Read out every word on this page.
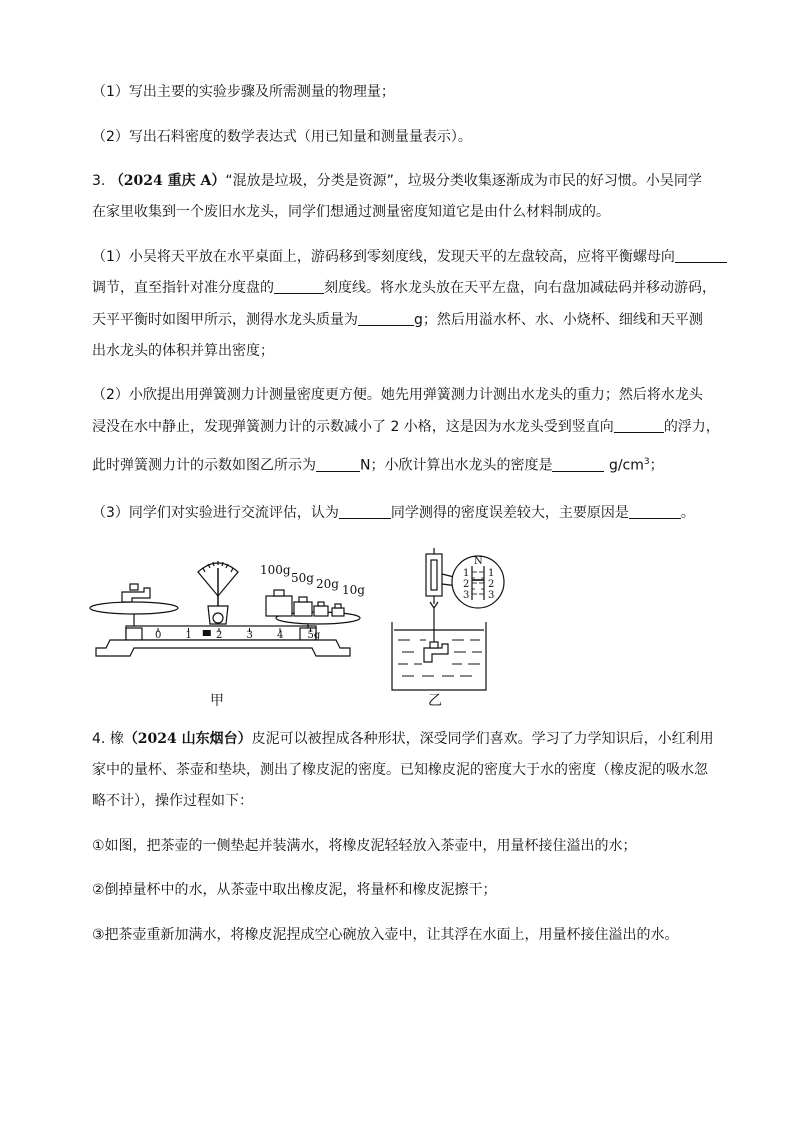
（1）写出主要的实验步骤及所需测量的物理量；
（2）写出石料密度的数学表达式（用已知量和测量量表示）。
3. （2024 重庆 A）“混放是垃圾，分类是资源”，垃圾分类收集逐渐成为市民的好习惯。小吴同学
在家里收集到一个废旧水龙头，同学们想通过测量密度知道它是由什么材料制成的。
（1）小吴将天平放在水平桌面上，游码移到零刻度线，发现天平的左盘较高，应将平衡螺母向
调节，直至指针对准分度盘的	刻度线。将水龙头放在天平左盘，向右盘加减砝码并移动游码，
天平平衡时如图甲所示，测得水龙头质量为	g；然后用溢水杯、水、小烧杯、细线和天平测
出水龙头的体积并算出密度；
（2）小欣提出用弹簧测力计测量密度更方便。她先用弹簧测力计测出水龙头的重力；然后将水龙头
浸没在水中静止，发现弹簧测力计的示数减小了 2 小格，这是因为水龙头受到竖直向	的浮力，
此时弹簧测力计的示数如图乙所示为	N；小欣计算出水龙头的密度是	$g/cm^3$；
（3）同学们对实验进行交流评估，认为	同学测得的密度误差较大，主要原因是	。
100g
50g 20g 10g
0 1 2 3 4 5g
N
1
2
3
1
2
3
甲	乙
4. 橡（2024 山东烟台）皮泥可以被捏成各种形状，深受同学们喜欢。学习了力学知识后，小红利用
家中的量杯、茶壶和垫块，测出了橡皮泥的密度。已知橡皮泥的密度大于水的密度（橡皮泥的吸水忽
略不计），操作过程如下：
①如图，把茶壶的一侧垫起并装满水，将橡皮泥轻轻放入茶壶中，用量杯接住溢出的水；
②倒掉量杯中的水，从茶壶中取出橡皮泥，将量杯和橡皮泥擦干；
③把茶壶重新加满水，将橡皮泥捏成空心碗放入壶中，让其浮在水面上，用量杯接住溢出的水。
